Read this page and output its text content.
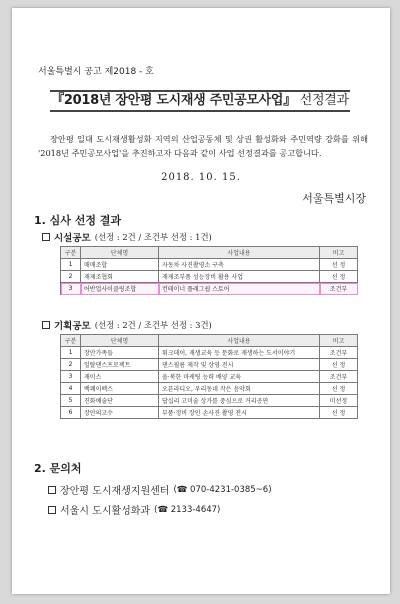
서울특별시 공고 제2018 - 호
『2018년 장안평 도시재생 주민공모사업』 선정결과

장안평 일대 도시재생활성화 지역의 산업공동체 및 상권 활성화와 주민역량 강화를 위해 '2018년 주민공모사업'을 추진하고자 다음과 같이 사업 선정결과를 공고합니다.

2018. 10. 15.
서울특별시장
1. 심사 선정 결과
시설공모 (선정 : 2건 / 조건부 선정 : 1건)
구분	단체명	사업내용	비고
1	매매조합	자동차 사진촬영소 구축	선 정
2	재제조협회	재제조부품 성능장비 활용 사업	선 정
3	어반업사이클링조합	컨테이너 플래그쉽 스토어	조건부
기획공모 (선정 : 2건 / 조건부 선정 : 3건)
구분	단체명	사업내용	비고
1	장안가족들	워크데이, 재생교육 등 문화로 재생하는 도서이야기	조건부
2	일탈댄스프로젝트	댄스필름 제작 및 상영 전시	선 정
3	재이스	올·북한 마케팅 능력 배양 교육	조건부
4	백쾌이펙스	오픈라디오, 우리동네 작은 음악회	선 정
5	진화예술단	답십리 고미술 상가를 중심으로 거리공연	미선정
6	장안의고수	부품·정비 장인 손사진 촬영 전시	선 정
2. 문의처
장안평 도시재생지원센터 (☎ 070-4231-0385~6)
서울시 도시활성화과 (☎ 2133-4647)
